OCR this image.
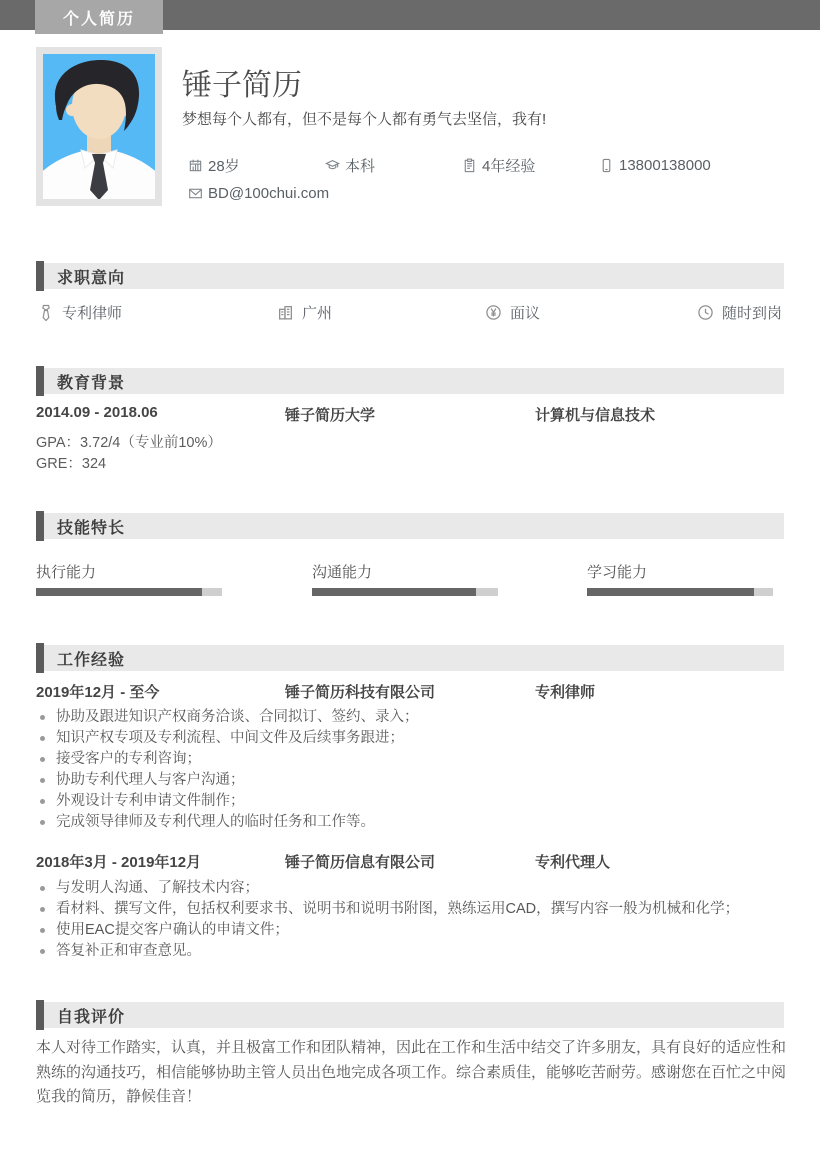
个人简历
锤子简历
梦想每个人都有，但不是每个人都有勇气去坚信，我有!
28岁	本科	4年经验	13800138000
BD@100chui.com
求职意向
专利律师	广州	面议	随时到岗
教育背景
2014.09 - 2018.06	锤子简历大学	计算机与信息技术
GPA：3.72/4（专业前10%）
GRE：324
技能特长
执行能力	沟通能力	学习能力
工作经验
2019年12月 - 至今	锤子简历科技有限公司	专利律师
协助及跟进知识产权商务洽谈、合同拟订、签约、录入；
知识产权专项及专利流程、中间文件及后续事务跟进；
接受客户的专利咨询；
协助专利代理人与客户沟通；
外观设计专利申请文件制作；
完成领导律师及专利代理人的临时任务和工作等。
2018年3月 - 2019年12月	锤子简历信息有限公司	专利代理人
与发明人沟通、了解技术内容；
看材料、撰写文件，包括权利要求书、说明书和说明书附图，熟练运用CAD，撰写内容一般为机械和化学；
使用EAC提交客户确认的申请文件；
答复补正和审查意见。
自我评价
本人对待工作踏实，认真，并且极富工作和团队精神，因此在工作和生活中结交了许多朋友，具有良好的适应性和熟练的沟通技巧，相信能够协助主管人员出色地完成各项工作。综合素质佳，能够吃苦耐劳。感谢您在百忙之中阅览我的简历，静候佳音！
